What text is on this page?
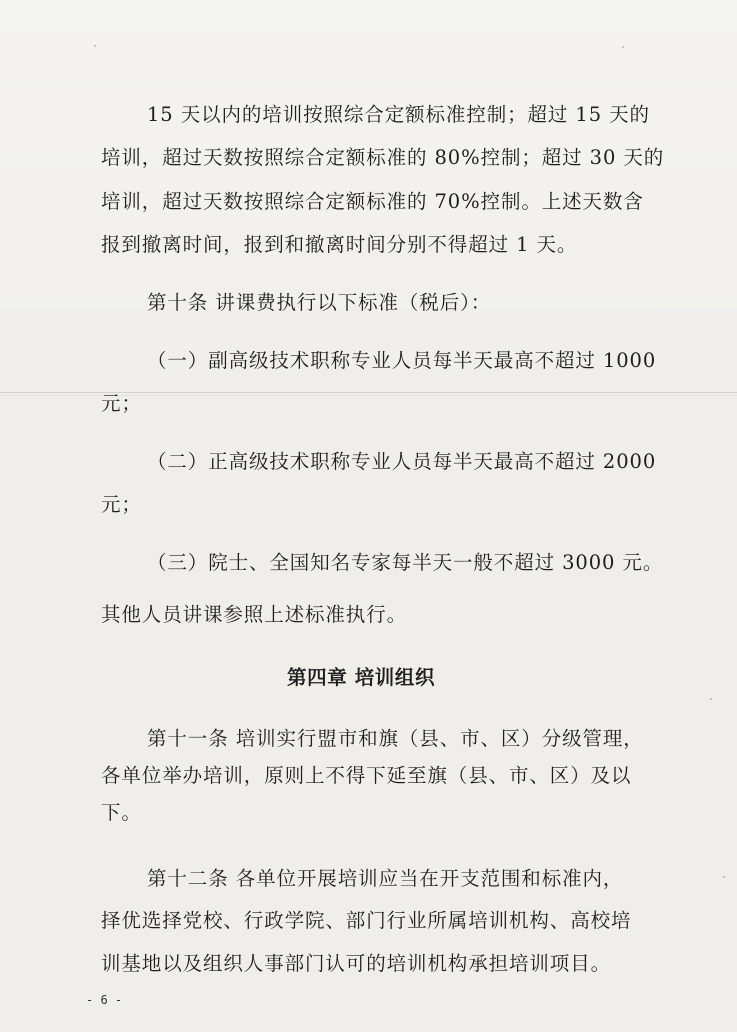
15 天以内的培训按照综合定额标准控制；超过 15 天的
培训，超过天数按照综合定额标准的 80%控制；超过 30 天的
培训，超过天数按照综合定额标准的 70%控制。上述天数含
报到撤离时间，报到和撤离时间分别不得超过 1 天。
第十条 讲课费执行以下标准（税后）：
（一）副高级技术职称专业人员每半天最高不超过 1000
元；
（二）正高级技术职称专业人员每半天最高不超过 2000
元；
（三）院士、全国知名专家每半天一般不超过 3000 元。
其他人员讲课参照上述标准执行。
第四章 培训组织
第十一条 培训实行盟市和旗（县、市、区）分级管理，
各单位举办培训，原则上不得下延至旗（县、市、区）及以
下。
第十二条 各单位开展培训应当在开支范围和标准内，
择优选择党校、行政学院、部门行业所属培训机构、高校培
训基地以及组织人事部门认可的培训机构承担培训项目。
- 6 -
